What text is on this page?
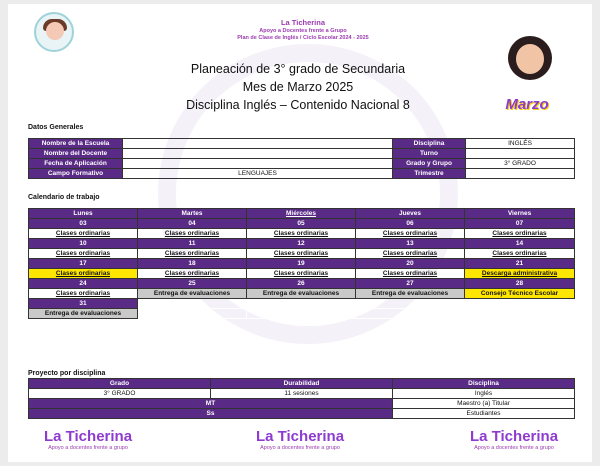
La Ticherina
Apoyo a Docentes frente a Grupo
Plan de Clase de Inglés / Ciclo Escolar 2024 - 2025
Planeación de 3° grado de Secundaria
Mes de Marzo 2025
Disciplina Inglés – Contenido Nacional 8	Marzo
Datos Generales
Nombre de la Escuela		Disciplina	INGLÉS
Nombre del Docente		Turno	
Fecha de Aplicación		Grado y Grupo	3° GRADO
Campo Formativo	LENGUAJES	Trimestre	
Calendario de trabajo
Lunes	Martes	Miércoles	Jueves	Viernes
03	04	05	06	07
Clases ordinarias	Clases ordinarias	Clases ordinarias	Clases ordinarias	Clases ordinarias
10	11	12	13	14
Clases ordinarias	Clases ordinarias	Clases ordinarias	Clases ordinarias	Clases ordinarias
17	18	19	20	21
Clases ordinarias	Clases ordinarias	Clases ordinarias	Clases ordinarias	Descarga administrativa
24	25	26	27	28
Clases ordinarias	Entrega de evaluaciones	Entrega de evaluaciones	Entrega de evaluaciones	Consejo Técnico Escolar
31				
Entrega de evaluaciones				
Proyecto por disciplina
Grado	Durabilidad	Disciplina
3° GRADO	11 sesiones	Inglés
MT		Maestro (a) Titular
Ss		Estudiantes
La Ticherina
Apoyo a docentes frente a grupo
La Ticherina
Apoyo a docentes frente a grupo
La Ticherina
Apoyo a docentes frente a grupo
